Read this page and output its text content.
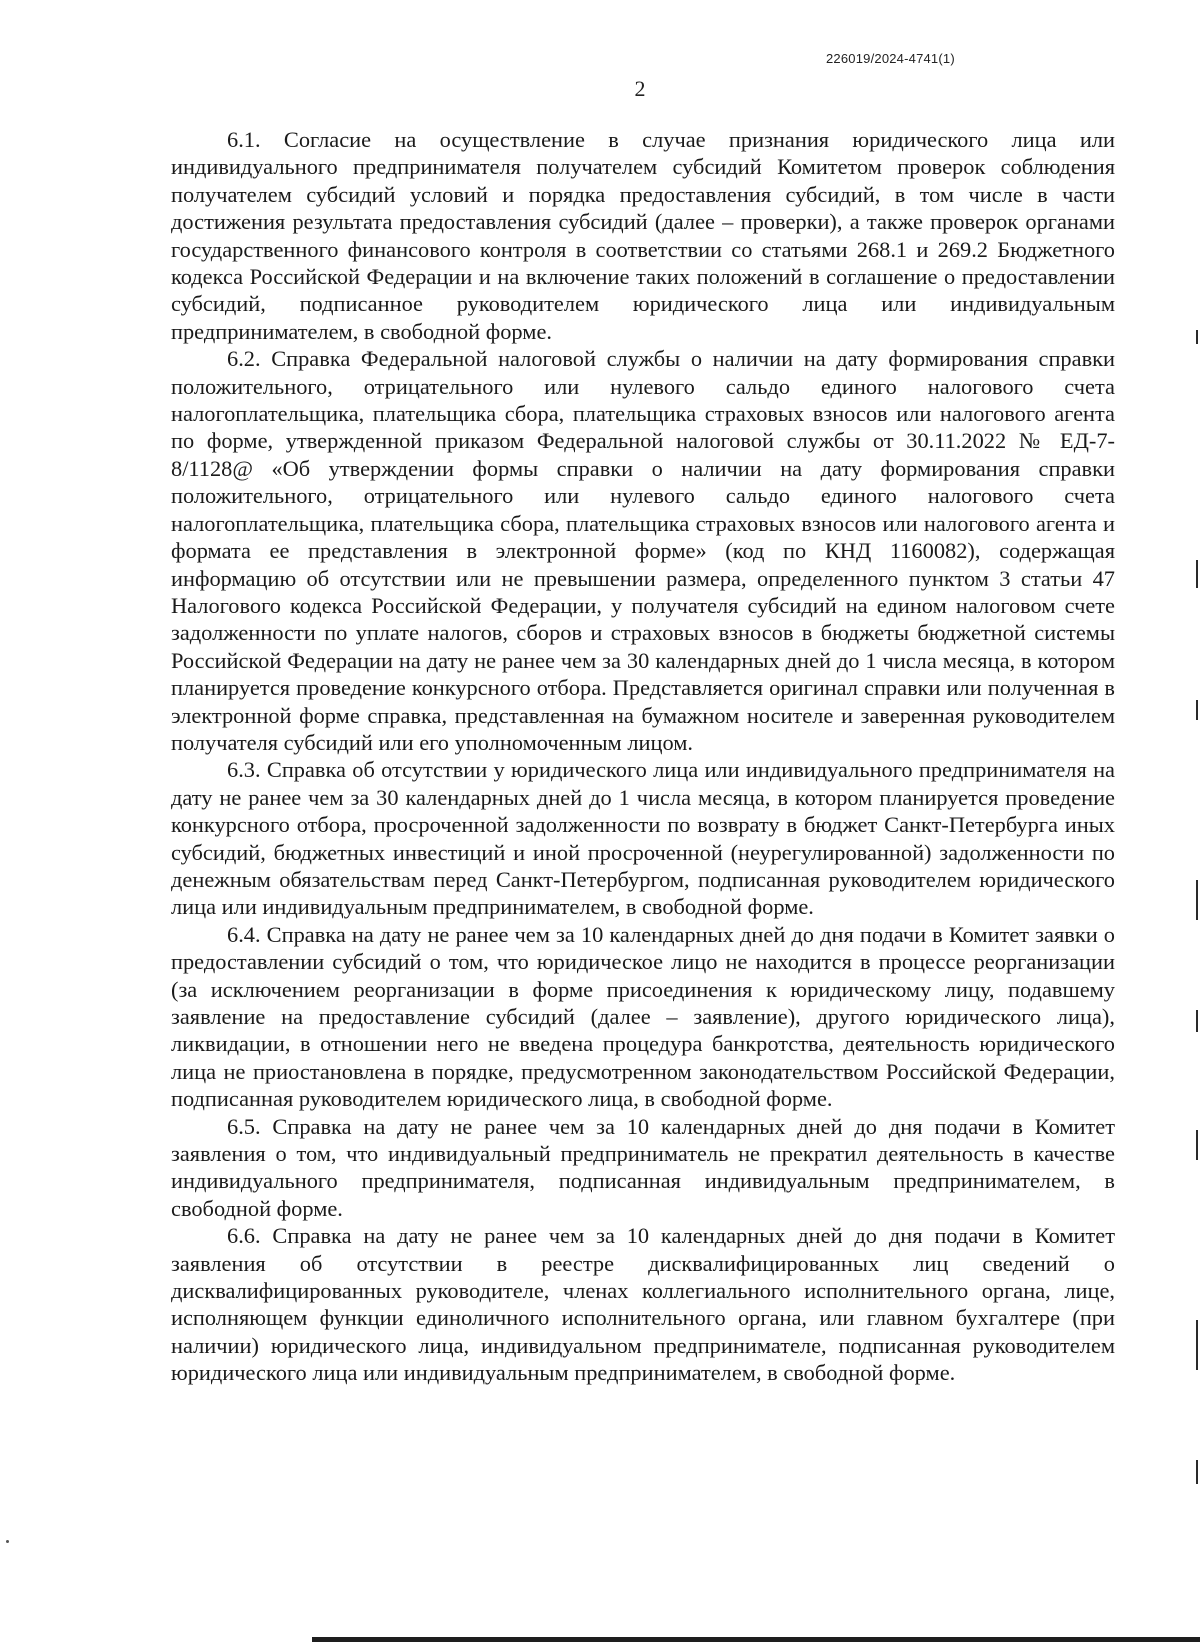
226019/2024-4741(1)
2

6.1. Согласие на осуществление в случае признания юридического лица или индивидуального предпринимателя получателем субсидий Комитетом проверок соблюдения получателем субсидий условий и порядка предоставления субсидий, в том числе в части достижения результата предоставления субсидий (далее – проверки), а также проверок органами государственного финансового контроля в соответствии со статьями 268.1 и 269.2 Бюджетного кодекса Российской Федерации и на включение таких положений в соглашение о предоставлении субсидий, подписанное руководителем юридического лица или индивидуальным предпринимателем, в свободной форме.

6.2. Справка Федеральной налоговой службы о наличии на дату формирования справки положительного, отрицательного или нулевого сальдо единого налогового счета налогоплательщика, плательщика сбора, плательщика страховых взносов или налогового агента по форме, утвержденной приказом Федеральной налоговой службы от 30.11.2022 № ЕД-7-8/1128@ «Об утверждении формы справки о наличии на дату формирования справки положительного, отрицательного или нулевого сальдо единого налогового счета налогоплательщика, плательщика сбора, плательщика страховых взносов или налогового агента и формата ее представления в электронной форме» (код по КНД 1160082), содержащая информацию об отсутствии или не превышении размера, определенного пунктом 3 статьи 47 Налогового кодекса Российской Федерации, у получателя субсидий на едином налоговом счете задолженности по уплате налогов, сборов и страховых взносов в бюджеты бюджетной системы Российской Федерации на дату не ранее чем за 30 календарных дней до 1 числа месяца, в котором планируется проведение конкурсного отбора. Представляется оригинал справки или полученная в электронной форме справка, представленная на бумажном носителе и заверенная руководителем получателя субсидий или его уполномоченным лицом.

6.3. Справка об отсутствии у юридического лица или индивидуального предпринимателя на дату не ранее чем за 30 календарных дней до 1 числа месяца, в котором планируется проведение конкурсного отбора, просроченной задолженности по возврату в бюджет Санкт-Петербурга иных субсидий, бюджетных инвестиций и иной просроченной (неурегулированной) задолженности по денежным обязательствам перед Санкт-Петербургом, подписанная руководителем юридического лица или индивидуальным предпринимателем, в свободной форме.

6.4. Справка на дату не ранее чем за 10 календарных дней до дня подачи в Комитет заявки о предоставлении субсидий о том, что юридическое лицо не находится в процессе реорганизации (за исключением реорганизации в форме присоединения к юридическому лицу, подавшему заявление на предоставление субсидий (далее – заявление), другого юридического лица), ликвидации, в отношении него не введена процедура банкротства, деятельность юридического лица не приостановлена в порядке, предусмотренном законодательством Российской Федерации, подписанная руководителем юридического лица, в свободной форме.

6.5. Справка на дату не ранее чем за 10 календарных дней до дня подачи в Комитет заявления о том, что индивидуальный предприниматель не прекратил деятельность в качестве индивидуального предпринимателя, подписанная индивидуальным предпринимателем, в свободной форме.

6.6. Справка на дату не ранее чем за 10 календарных дней до дня подачи в Комитет заявления об отсутствии в реестре дисквалифицированных лиц сведений о дисквалифицированных руководителе, членах коллегиального исполнительного органа, лице, исполняющем функции единоличного исполнительного органа, или главном бухгалтере (при наличии) юридического лица, индивидуальном предпринимателе, подписанная руководителем юридического лица или индивидуальным предпринимателем, в свободной форме.
